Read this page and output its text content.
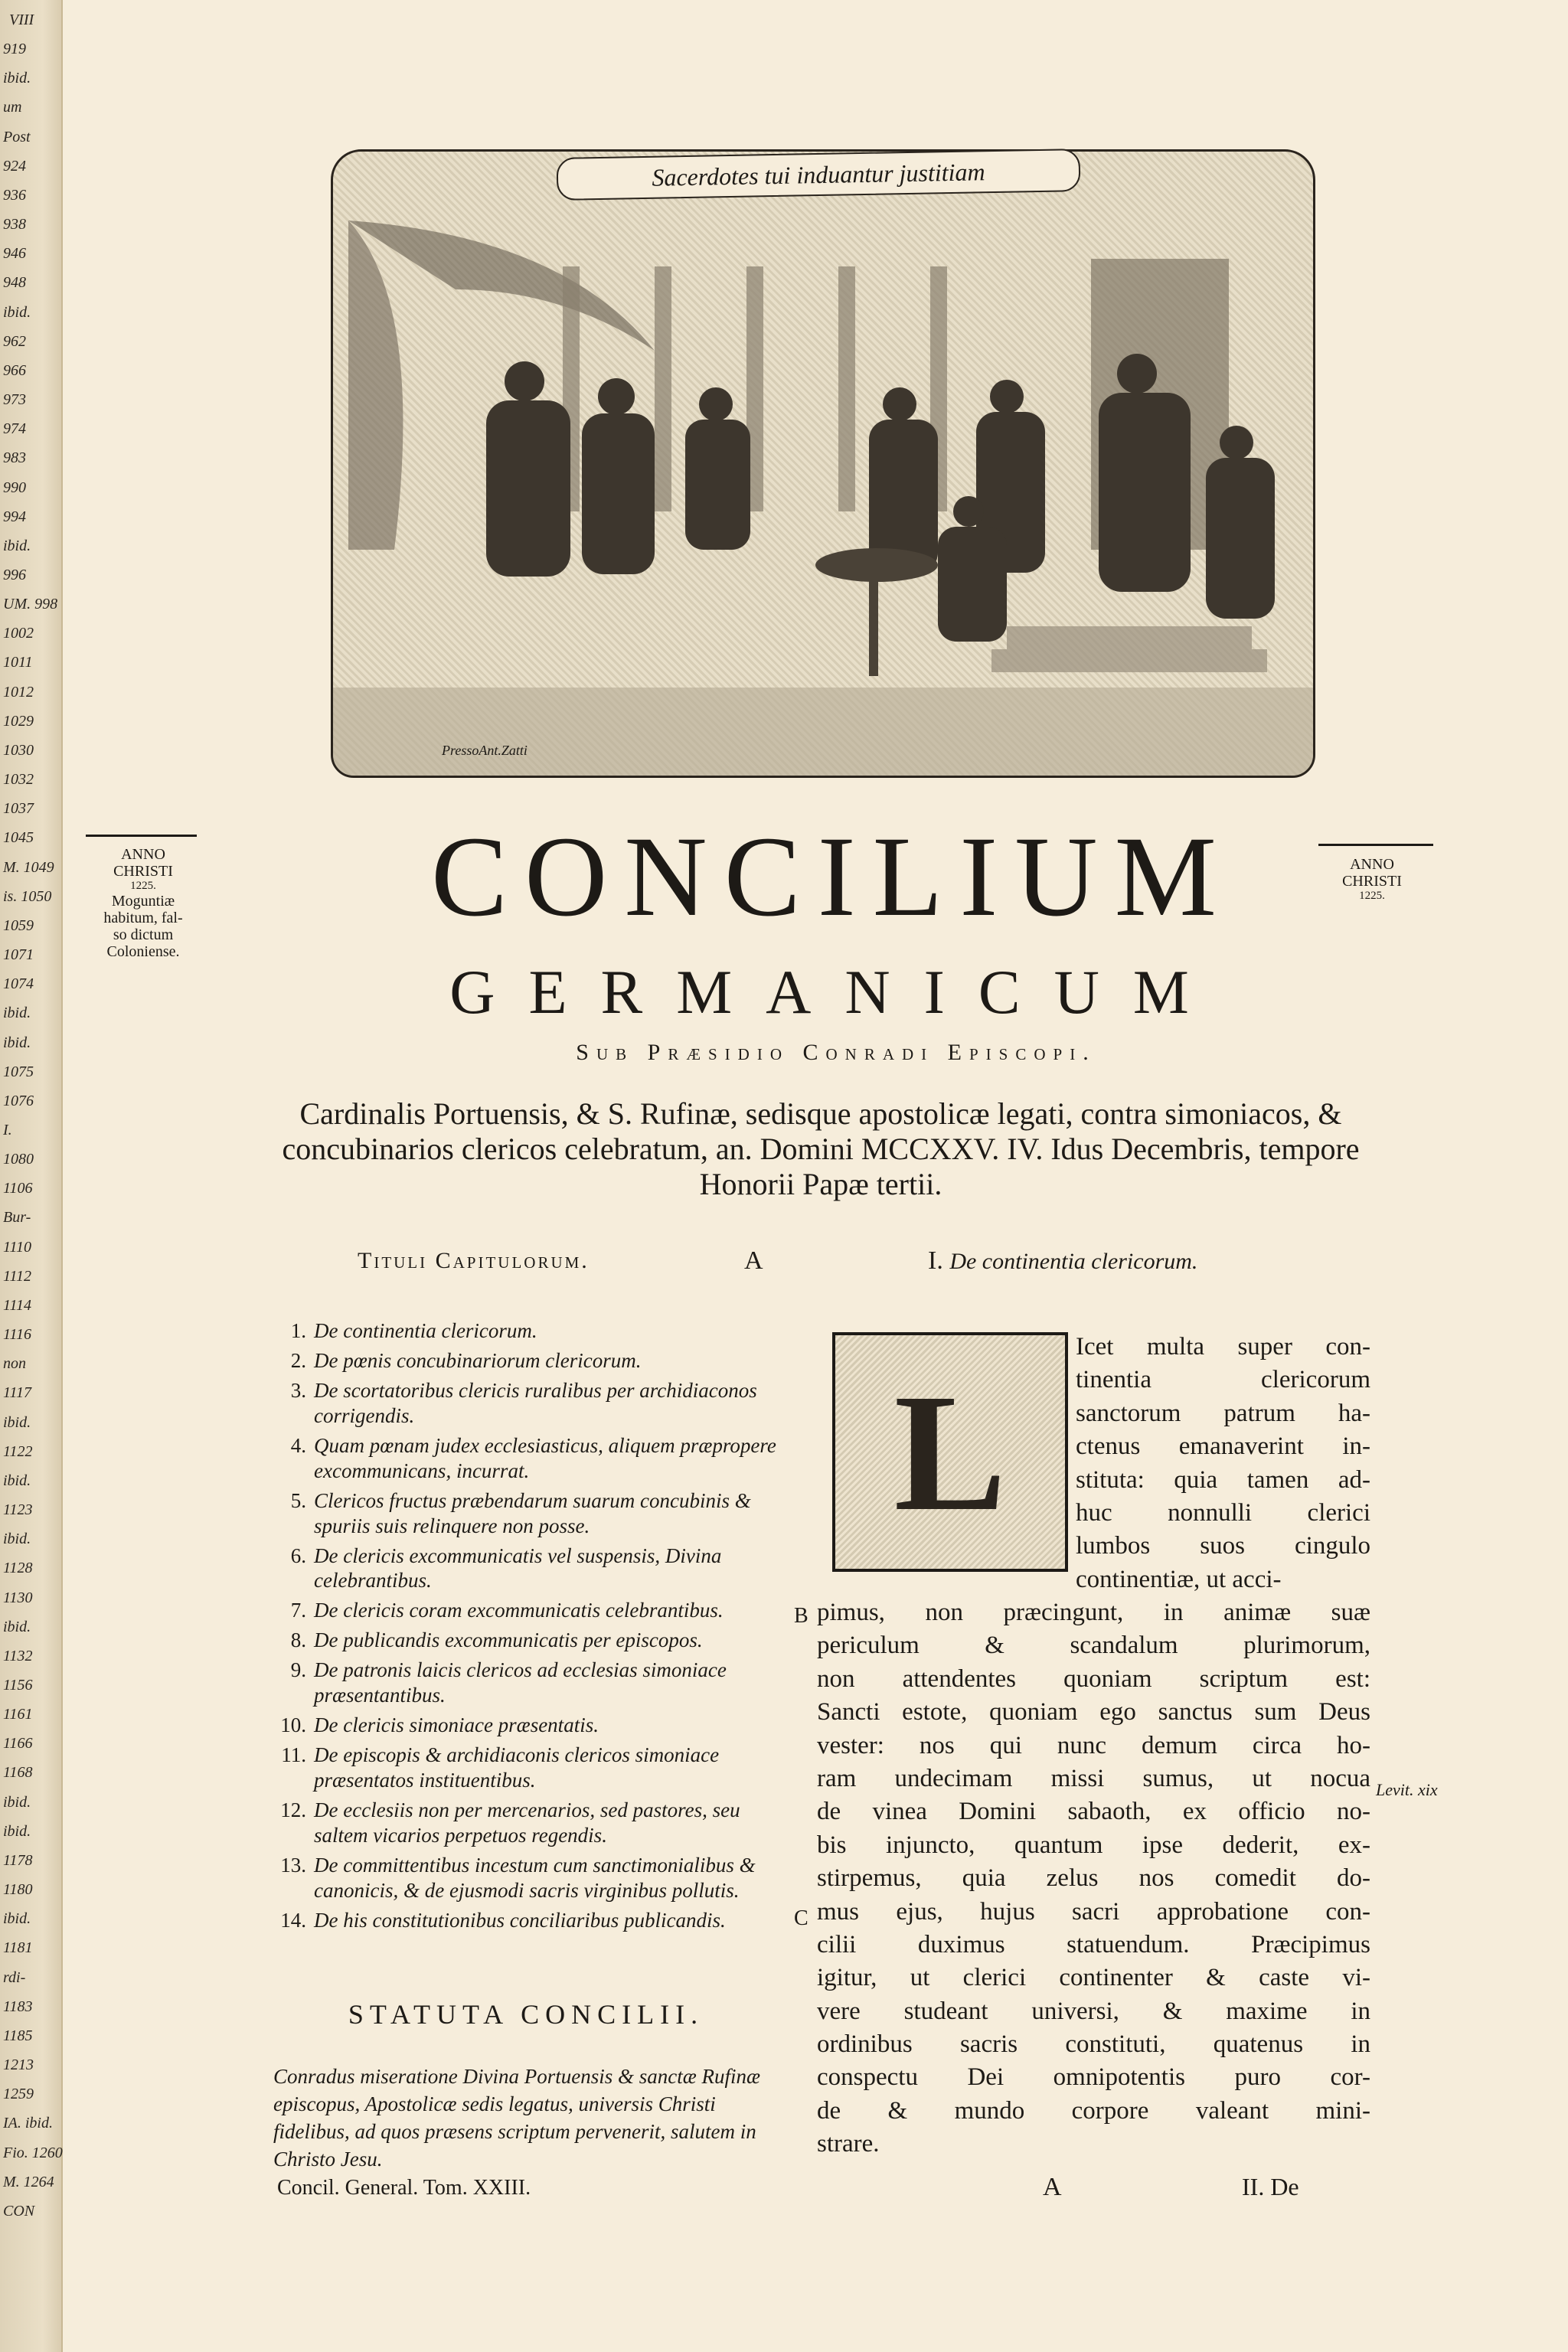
VIII
919
ibid.
um
Post
924
936
938
946
948
ibid.
962
966
973
974
983
990
994
ibid.
996
UM. 998
1002
1011
1012
1029
1030
1032
1037
1045
M. 1049
is. 1050
1059
1071
1074
ibid.
ibid.
1075
1076
I.
1080
1106
Bur-
1110
1112
1114
1116
non
1117
ibid.
1122
ibid.
1123
ibid.
1128
1130
ibid.
1132
1156
1161
1166
1168
ibid.
ibid.
1178
1180
ibid.
1181
rdi-
1183
1185
1213
1259
IA. ibid.
Fio. 1260
M. 1264
CON
Sacerdotes tui induantur justitiam
PressoAnt.Zatti
ANNO
CHRISTI
1225.
Moguntiæ
habitum, fal-
so dictum
Coloniense.
ANNO
CHRISTI
1225.
CONCILIUM
GERMANICUM
Sub Præsidio Conradi Episcopi.
Cardinalis Portuensis, & S. Rufinæ, sedisque apostolicæ legati, contra simoniacos, & concubinarios clericos celebratum, an. Domini MCCXXV. IV. Idus Decembris, tempore Honorii Papæ tertii.
Tituli Capitulorum.	A	I. De continentia clericorum.
1. De continentia clericorum.
2. De pœnis concubinariorum clericorum.
3. De scortatoribus clericis ruralibus per archidiaconos corrigendis.
4. Quam pœnam judex ecclesiasticus, aliquem præpropere excommunicans, incurrat.
5. Clericos fructus præbendarum suarum concubinis & spuriis suis relinquere non posse.
6. De clericis excommunicatis vel suspensis, Divina celebrantibus.
7. De clericis coram excommunicatis celebrantibus.
8. De publicandis excommunicatis per episcopos.
9. De patronis laicis clericos ad ecclesias simoniace præsentantibus.
10. De clericis simoniace præsentatis.
11. De episcopis & archidiaconis clericos simoniace præsentatos instituentibus.
12. De ecclesiis non per mercenarios, sed pastores, seu saltem vicarios perpetuos regendis.
13. De committentibus incestum cum sanctimonialibus & canonicis, & de ejusmodi sacris virginibus pollutis.
14. De his constitutionibus conciliaribus publicandis.
STATUTA CONCILII.
Conradus miseratione Divina Portuensis & sanctæ Rufinæ episcopus, Apostolicæ sedis legatus, universis Christi fidelibus, ad quos præsens scriptum pervenerit, salutem in Christo Jesu.
Concil. General. Tom. XXIII.
L
Icet multa super con-
tinentia clericorum
sanctorum patrum ha-
ctenus emanaverint in-
stituta: quia tamen ad-
huc nonnulli clerici
lumbos suos cingulo
continentiæ, ut acci-
pimus, non præcingunt, in animæ suæ
periculum & scandalum plurimorum,
non attendentes quoniam scriptum est:
Sancti estote, quoniam ego sanctus sum Deus
vester: nos qui nunc demum circa ho-
ram undecimam missi sumus, ut nocua
de vinea Domini sabaoth, ex officio no-
bis injuncto, quantum ipse dederit, ex-
stirpemus, quia zelus nos comedit do-
mus ejus, hujus sacri approbatione con-
cilii duximus statuendum. Præcipimus
igitur, ut clerici continenter & caste vi-
vere studeant universi, & maxime in
ordinibus sacris constituti, quatenus in
conspectu Dei omnipotentis puro cor-
de & mundo corpore valeant mini-
strare.
B
C
Levit. xix
A	II. De
